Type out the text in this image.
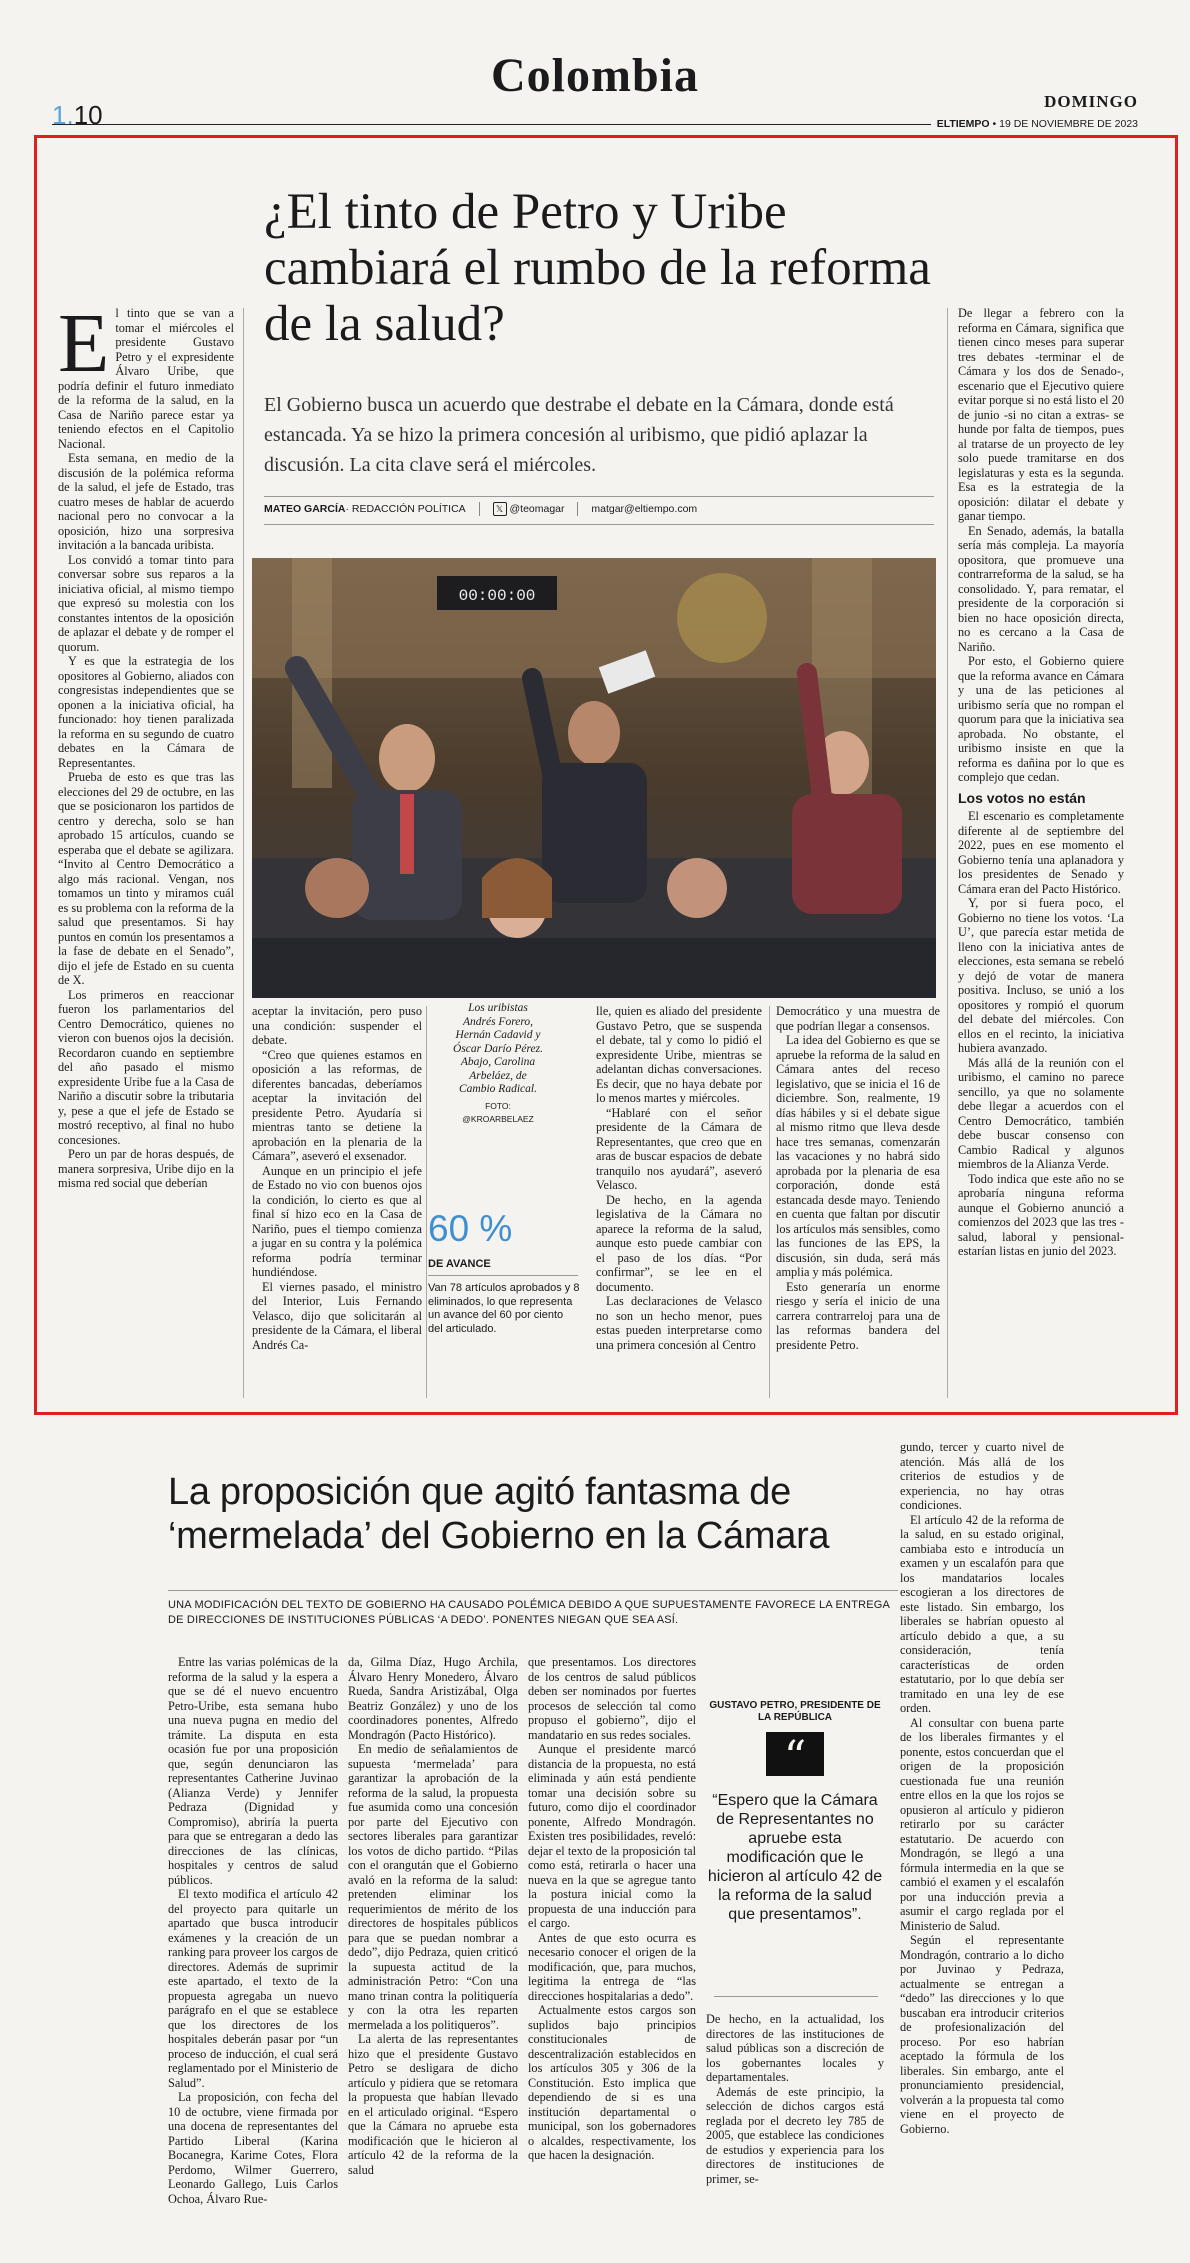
Colombia
1.10	DOMINGO
ELTIEMPO • 19 DE NOVIEMBRE DE 2023
¿El tinto de Petro y Uribe cambiará el rumbo de la reforma de la salud?
El Gobierno busca un acuerdo que destrabe el debate en la Cámara, donde está estancada. Ya se hizo la primera concesión al uribismo, que pidió aplazar la discusión. La cita clave será el miércoles.
MATEO GARCÍA· REDACCIÓN POLÍTICA	𝕏 @teomagar	matgar@eltiempo.com
E l tinto que se van a tomar el miércoles el presidente Gustavo Petro y el expresidente Álvaro Uribe, que podría definir el futuro inmediato de la reforma de la salud, en la Casa de Nariño parece estar ya teniendo efectos en el Capitolio Nacional.

Esta semana, en medio de la discusión de la polémica reforma de la salud, el jefe de Estado, tras cuatro meses de hablar de acuerdo nacional pero no convocar a la oposición, hizo una sorpresiva invitación a la bancada uribista.

Los convidó a tomar tinto para conversar sobre sus reparos a la iniciativa oficial, al mismo tiempo que expresó su molestia con los constantes intentos de la oposición de aplazar el debate y de romper el quorum.

Y es que la estrategia de los opositores al Gobierno, aliados con congresistas independientes que se oponen a la iniciativa oficial, ha funcionado: hoy tienen paralizada la reforma en su segundo de cuatro debates en la Cámara de Representantes.

Prueba de esto es que tras las elecciones del 29 de octubre, en las que se posicionaron los partidos de centro y derecha, solo se han aprobado 15 artículos, cuando se esperaba que el debate se agilizara. “Invito al Centro Democrático a algo más racional. Vengan, nos tomamos un tinto y miramos cuál es su problema con la reforma de la salud que presentamos. Si hay puntos en común los presentamos a la fase de debate en el Senado”, dijo el jefe de Estado en su cuenta de X.

Los primeros en reaccionar fueron los parlamentarios del Centro Democrático, quienes no vieron con buenos ojos la decisión. Recordaron cuando en septiembre del año pasado el mismo expresidente Uribe fue a la Casa de Nariño a discutir sobre la tributaria y, pese a que el jefe de Estado se mostró receptivo, al final no hubo concesiones.

Pero un par de horas después, de manera sorpresiva, Uribe dijo en la misma red social que deberían

00:00:00
Los uribistas Andrés Forero, Hernán Cadavid y Óscar Darío Pérez. Abajo, Carolina Arbeláez, de Cambio Radical.
FOTO: @KROARBELAEZ

aceptar la invitación, pero puso una condición: suspender el debate.

“Creo que quienes estamos en oposición a las reformas, de diferentes bancadas, deberíamos aceptar la invitación del presidente Petro. Ayudaría si mientras tanto se detiene la aprobación en la plenaria de la Cámara”, aseveró el exsenador.

Aunque en un principio el jefe de Estado no vio con buenos ojos la condición, lo cierto es que al final sí hizo eco en la Casa de Nariño, pues el tiempo comienza a jugar en su contra y la polémica reforma podría terminar hundiéndose.

El viernes pasado, el ministro del Interior, Luis Fernando Velasco, dijo que solicitarán al presidente de la Cámara, el liberal Andrés Ca-

60 %
DE AVANCE
Van 78 artículos aprobados y 8 eliminados, lo que representa un avance del 60 por ciento del articulado.

lle, quien es aliado del presidente Gustavo Petro, que se suspenda el debate, tal y como lo pidió el expresidente Uribe, mientras se adelantan dichas conversaciones. Es decir, que no haya debate por lo menos martes y miércoles.

“Hablaré con el señor presidente de la Cámara de Representantes, que creo que en aras de buscar espacios de debate tranquilo nos ayudará”, aseveró Velasco.

De hecho, en la agenda legislativa de la Cámara no aparece la reforma de la salud, aunque esto puede cambiar con el paso de los días. “Por confirmar”, se lee en el documento.

Las declaraciones de Velasco no son un hecho menor, pues estas pueden interpretarse como una primera concesión al Centro

Democrático y una muestra de que podrían llegar a consensos.

La idea del Gobierno es que se apruebe la reforma de la salud en Cámara antes del receso legislativo, que se inicia el 16 de diciembre. Son, realmente, 19 días hábiles y si el debate sigue al mismo ritmo que lleva desde hace tres semanas, comenzarán las vacaciones y no habrá sido aprobada por la plenaria de esa corporación, donde está estancada desde mayo. Teniendo en cuenta que faltan por discutir los artículos más sensibles, como las funciones de las EPS, la discusión, sin duda, será más amplia y más polémica.

Esto generaría un enorme riesgo y sería el inicio de una carrera contrarreloj para una de las reformas bandera del presidente Petro.

De llegar a febrero con la reforma en Cámara, significa que tienen cinco meses para superar tres debates -terminar el de Cámara y los dos de Senado-, escenario que el Ejecutivo quiere evitar porque si no está listo el 20 de junio -si no citan a extras- se hunde por falta de tiempos, pues al tratarse de un proyecto de ley solo puede tramitarse en dos legislaturas y esta es la segunda. Esa es la estrategia de la oposición: dilatar el debate y ganar tiempo.

En Senado, además, la batalla sería más compleja. La mayoría opositora, que promueve una contrarreforma de la salud, se ha consolidado. Y, para rematar, el presidente de la corporación si bien no hace oposición directa, no es cercano a la Casa de Nariño.

Por esto, el Gobierno quiere que la reforma avance en Cámara y una de las peticiones al uribismo sería que no rompan el quorum para que la iniciativa sea aprobada. No obstante, el uribismo insiste en que la reforma es dañina por lo que es complejo que cedan.

Los votos no están

El escenario es completamente diferente al de septiembre del 2022, pues en ese momento el Gobierno tenía una aplanadora y los presidentes de Senado y Cámara eran del Pacto Histórico.

Y, por si fuera poco, el Gobierno no tiene los votos. ‘La U’, que parecía estar metida de lleno con la iniciativa antes de elecciones, esta semana se rebeló y dejó de votar de manera positiva. Incluso, se unió a los opositores y rompió el quorum del debate del miércoles. Con ellos en el recinto, la iniciativa hubiera avanzado.

Más allá de la reunión con el uribismo, el camino no parece sencillo, ya que no solamente debe llegar a acuerdos con el Centro Democrático, también debe buscar consenso con Cambio Radical y algunos miembros de la Alianza Verde.

Todo indica que este año no se aprobaría ninguna reforma aunque el Gobierno anunció a comienzos del 2023 que las tres -salud, laboral y pensional- estarían listas en junio del 2023.

La proposición que agitó fantasma de ‘mermelada’ del Gobierno en la Cámara
UNA MODIFICACIÓN DEL TEXTO DE GOBIERNO HA CAUSADO POLÉMICA DEBIDO A QUE SUPUESTAMENTE FAVORECE LA ENTREGA DE DIRECCIONES DE INSTITUCIONES PÚBLICAS ‘A DEDO’. PONENTES NIEGAN QUE SEA ASÍ.

Entre las varias polémicas de la reforma de la salud y la espera a que se dé el nuevo encuentro Petro-Uribe, esta semana hubo una nueva pugna en medio del trámite. La disputa en esta ocasión fue por una proposición que, según denunciaron las representantes Catherine Juvinao (Alianza Verde) y Jennifer Pedraza (Dignidad y Compromiso), abriría la puerta para que se entregaran a dedo las direcciones de las clínicas, hospitales y centros de salud públicos.

El texto modifica el artículo 42 del proyecto para quitarle un apartado que busca introducir exámenes y la creación de un ranking para proveer los cargos de directores. Además de suprimir este apartado, el texto de la propuesta agregaba un nuevo parágrafo en el que se establece que los directores de los hospitales deberán pasar por “un proceso de inducción, el cual será reglamentado por el Ministerio de Salud”.

La proposición, con fecha del 10 de octubre, viene firmada por una docena de representantes del Partido Liberal (Karina Bocanegra, Karime Cotes, Flora Perdomo, Wilmer Guerrero, Leonardo Gallego, Luis Carlos Ochoa, Álvaro Rue-

da, Gilma Díaz, Hugo Archila, Álvaro Henry Monedero, Álvaro Rueda, Sandra Aristizábal, Olga Beatriz González) y uno de los coordinadores ponentes, Alfredo Mondragón (Pacto Histórico).

En medio de señalamientos de supuesta ‘mermelada’ para garantizar la aprobación de la reforma de la salud, la propuesta fue asumida como una concesión por parte del Ejecutivo con sectores liberales para garantizar los votos de dicho partido. “Pilas con el orangután que el Gobierno avaló en la reforma de la salud: pretenden eliminar los requerimientos de mérito de los directores de hospitales públicos para que se puedan nombrar a dedo”, dijo Pedraza, quien criticó la supuesta actitud de la administración Petro: “Con una mano trinan contra la politiquería y con la otra les reparten mermelada a los politiqueros”.

La alerta de las representantes hizo que el presidente Gustavo Petro se desligara de dicho artículo y pidiera que se retomara la propuesta que habían llevado en el articulado original. “Espero que la Cámara no apruebe esta modificación que le hicieron al artículo 42 de la reforma de la salud

que presentamos. Los directores de los centros de salud públicos deben ser nominados por fuertes procesos de selección tal como propuso el gobierno”, dijo el mandatario en sus redes sociales.

Aunque el presidente marcó distancia de la propuesta, no está eliminada y aún está pendiente tomar una decisión sobre su futuro, como dijo el coordinador ponente, Alfredo Mondragón. Existen tres posibilidades, reveló: dejar el texto de la proposición tal como está, retirarla o hacer una nueva en la que se agregue tanto la postura inicial como la propuesta de una inducción para el cargo.

Antes de que esto ocurra es necesario conocer el origen de la modificación, que, para muchos, legitima la entrega de “las direcciones hospitalarias a dedo”.

Actualmente estos cargos son suplidos bajo principios constitucionales de descentralización establecidos en los artículos 305 y 306 de la Constitución. Esto implica que dependiendo de si es una institución departamental o municipal, son los gobernadores o alcaldes, respectivamente, los que hacen la designación.

GUSTAVO PETRO, PRESIDENTE DE LA REPÚBLICA
“
“Espero que la Cámara de Representantes no apruebe esta modificación que le hicieron al artículo 42 de la reforma de la salud que presentamos”.

De hecho, en la actualidad, los directores de las instituciones de salud públicas son a discreción de los gobernantes locales y departamentales.

Además de este principio, la selección de dichos cargos está reglada por el decreto ley 785 de 2005, que establece las condiciones de estudios y experiencia para los directores de instituciones de primer, se-

gundo, tercer y cuarto nivel de atención. Más allá de los criterios de estudios y de experiencia, no hay otras condiciones.

El artículo 42 de la reforma de la salud, en su estado original, cambiaba esto e introducía un examen y un escalafón para que los mandatarios locales escogieran a los directores de este listado. Sin embargo, los liberales se habrían opuesto al artículo debido a que, a su consideración, tenía características de orden estatutario, por lo que debía ser tramitado en una ley de ese orden.

Al consultar con buena parte de los liberales firmantes y el ponente, estos concuerdan que el origen de la proposición cuestionada fue una reunión entre ellos en la que los rojos se opusieron al artículo y pidieron retirarlo por su carácter estatutario. De acuerdo con Mondragón, se llegó a una fórmula intermedia en la que se cambió el examen y el escalafón por una inducción previa a asumir el cargo reglada por el Ministerio de Salud.

Según el representante Mondragón, contrario a lo dicho por Juvinao y Pedraza, actualmente se entregan a “dedo” las direcciones y lo que buscaban era introducir criterios de profesionalización del proceso. Por eso habrían aceptado la fórmula de los liberales. Sin embargo, ante el pronunciamiento presidencial, volverán a la propuesta tal como viene en el proyecto de Gobierno.
